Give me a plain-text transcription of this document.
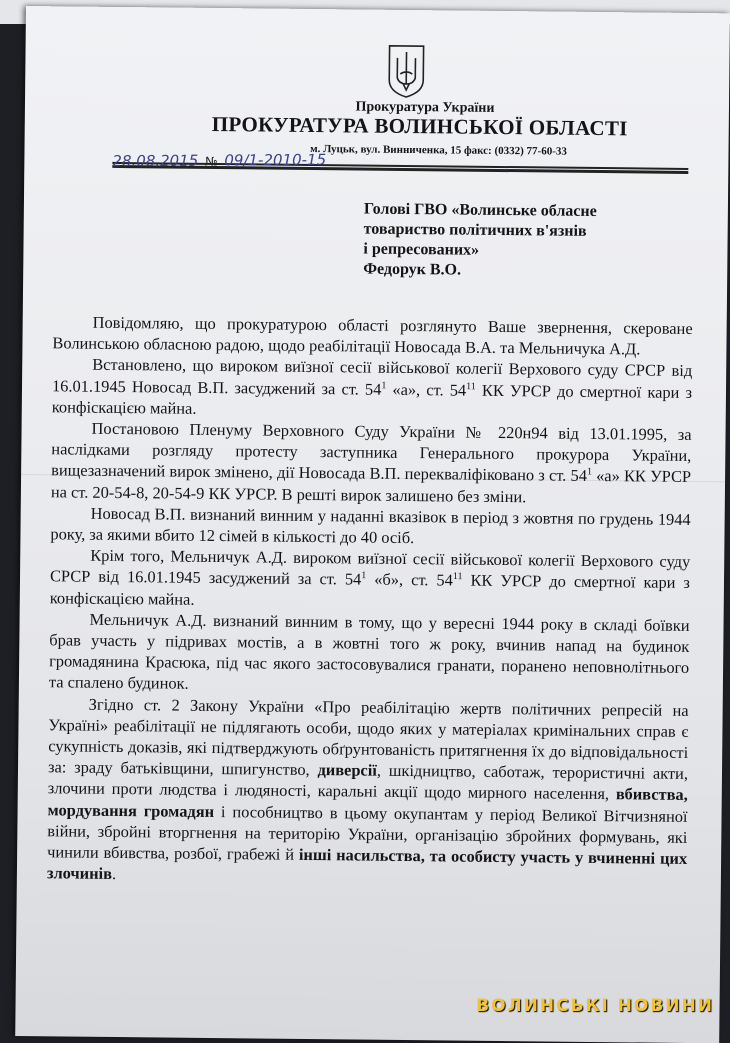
Прокуратура України
ПРОКУРАТУРА ВОЛИНСЬКОЇ ОБЛАСТІ
м. Луцьк, вул. Винниченка, 15 факс: (0332) 77-60-33
28.08.2015 № 09/1-2010-15
Голові ГВО «Волинське обласне
товариство політичних в'язнів
і репресованих»
Федорук В.О.

Повідомляю, що прокуратурою області розглянуто Ваше звернення, скероване Волинською обласною радою, щодо реабілітації Новосада В.А. та Мельничука А.Д.

Встановлено, що вироком виїзної сесії військової колегії Верхового суду СРСР від 16.01.1945 Новосад В.П. засуджений за ст. $54^1$ «а», ст. $54^{11}$ КК УРСР до смертної кари з конфіскацією майна.

Постановою Пленуму Верховного Суду України № 220н94 від 13.01.1995, за наслідками розгляду протесту заступника Генерального прокурора України, вищезазначений вирок змінено, дії Новосада В.П. перекваліфіковано з ст. $54^1$ «а» КК УРСР на ст. 20-54-8, 20-54-9 КК УРСР. В решті вирок залишено без зміни.

Новосад В.П. визнаний винним у наданні вказівок в період з жовтня по грудень 1944 року, за якими вбито 12 сімей в кількості до 40 осіб.

Крім того, Мельничук А.Д. вироком виїзної сесії військової колегії Верхового суду СРСР від 16.01.1945 засуджений за ст. $54^1$ «б», ст. $54^{11}$ КК УРСР до смертної кари з конфіскацією майна.

Мельничук А.Д. визнаний винним в тому, що у вересні 1944 року в складі боївки брав участь у підривах мостів, а в жовтні того ж року, вчинив напад на будинок громадянина Красюка, під час якого застосовувалися гранати, поранено неповнолітнього та спалено будинок.

Згідно ст. 2 Закону України «Про реабілітацію жертв політичних репресій на Україні» реабілітації не підлягають особи, щодо яких у матеріалах кримінальних справ є сукупність доказів, які підтверджують обґрунтованість притягнення їх до відповідальності за: зраду батьківщини, шпигунство, диверсії, шкідництво, саботаж, терористичні акти, злочини проти людства і людяності, каральні акції щодо мирного населення, вбивства, мордування громадян і пособництво в цьому окупантам у період Великої Вітчизняної війни, збройні вторгнення на територію України, організацію збройних формувань, які чинили вбивства, розбої, грабежі й інші насильства, та особисту участь у вчиненні цих злочинів.

ВОЛИНСЬКІ НОВИНИ
